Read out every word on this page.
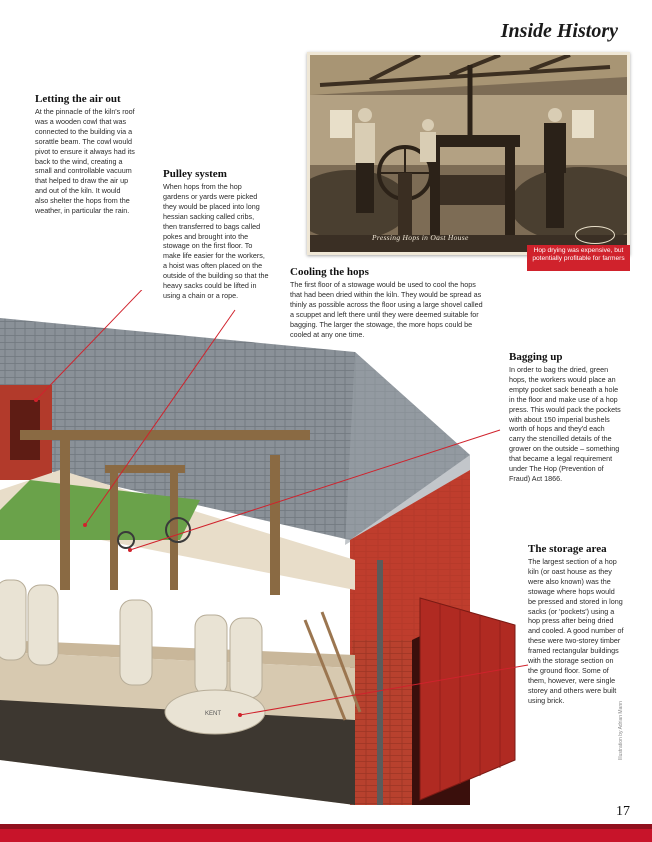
Inside History
Pressing Hops in Oast House
Hop drying was expensive, but potentially profitable for farmers
KENT

Letting the air out

At the pinnacle of the kiln's roof was a wooden cowl that was connected to the building via a sorattle beam. The cowl would pivot to ensure it always had its back to the wind, creating a small and controllable vacuum that helped to draw the air up and out of the kiln. It would also shelter the hops from the weather, in particular the rain.

Pulley system

When hops from the hop gardens or yards were picked they would be placed into long hessian sacking called cribs, then transferred to bags called pokes and brought into the stowage on the first floor. To make life easier for the workers, a hoist was often placed on the outside of the building so that the heavy sacks could be lifted in using a chain or a rope.

Cooling the hops

The first floor of a stowage would be used to cool the hops that had been dried within the kiln. They would be spread as thinly as possible across the floor using a large shovel called a scuppet and left there until they were deemed suitable for bagging. The larger the stowage, the more hops could be cooled at any one time.

Bagging up

In order to bag the dried, green hops, the workers would place an empty pocket sack beneath a hole in the floor and make use of a hop press. This would pack the pockets with about 150 imperial bushels worth of hops and they'd each carry the stencilled details of the grower on the outside – something that became a legal requirement under The Hop (Prevention of Fraud) Act 1866.

The storage area

The largest section of a hop kiln (or oast house as they were also known) was the stowage where hops would be pressed and stored in long sacks (or 'pockets') using a hop press after being dried and cooled. A good number of these were two-storey timber framed rectangular buildings with the storage section on the ground floor. Some of them, however, were single storey and others were built using brick.

Illustration by Adrian Mann
17
